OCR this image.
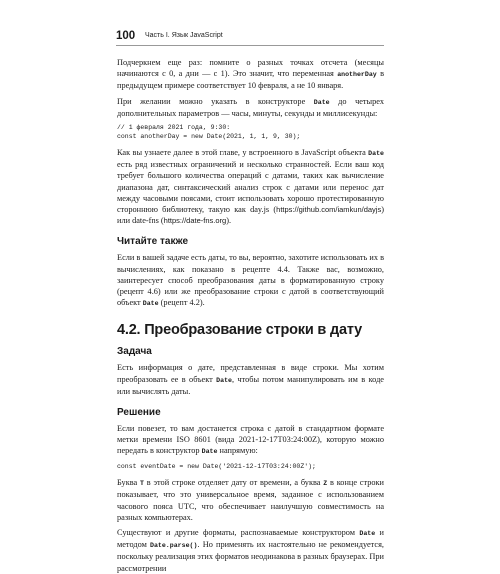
100 Часть I. Язык JavaScript

Подчеркнем еще раз: помните о разных точках отсчета (месяцы начинаются с 0, а дни — с 1). Это значит, что переменная anotherDay в предыдущем примере соответствует 10 февраля, а не 10 января.

При желании можно указать в конструкторе Date до четырех дополнительных параметров — часы, минуты, секунды и миллисекунды:

// 1 февраля 2021 года, 9:30:
const anotherDay = new Date(2021, 1, 1, 9, 30);

Как вы узнаете далее в этой главе, у встроенного в JavaScript объекта Date есть ряд известных ограничений и несколько странностей. Если ваш код требует большого количества операций с датами, таких как вычисление диапазона дат, синтаксический анализ строк с датами или перенос дат между часовыми поясами, стоит использовать хорошо протестированную стороннюю библиотеку, такую как day.js (https://github.com/iamkun/dayjs) или date-fns (https://date-fns.org).

Читайте также

Если в вашей задаче есть даты, то вы, вероятно, захотите использовать их в вычислениях, как показано в рецепте 4.4. Также вас, возможно, заинтересует способ преобразования даты в форматированную строку (рецепт 4.6) или же преобразование строки с датой в соответствующий объект Date (рецепт 4.2).

4.2. Преобразование строки в дату
Задача

Есть информация о дате, представленная в виде строки. Мы хотим преобразовать ее в объект Date, чтобы потом манипулировать им в коде или вычислять даты.

Решение

Если повезет, то вам достанется строка с датой в стандартном формате метки времени ISO 8601 (вида 2021-12-17T03:24:00Z), которую можно передать в конструктор Date напрямую:

const eventDate = new Date('2021-12-17T03:24:00Z');

Буква T в этой строке отделяет дату от времени, а буква Z в конце строки показывает, что это универсальное время, заданное с использованием часового пояса UTC, что обеспечивает наилучшую совместимость на разных компьютерах.

Существуют и другие форматы, распознаваемые конструктором Date и методом Date.parse(). Но применять их настоятельно не рекомендуется, поскольку реализация этих форматов неодинакова в разных браузерах. При рассмотрении
